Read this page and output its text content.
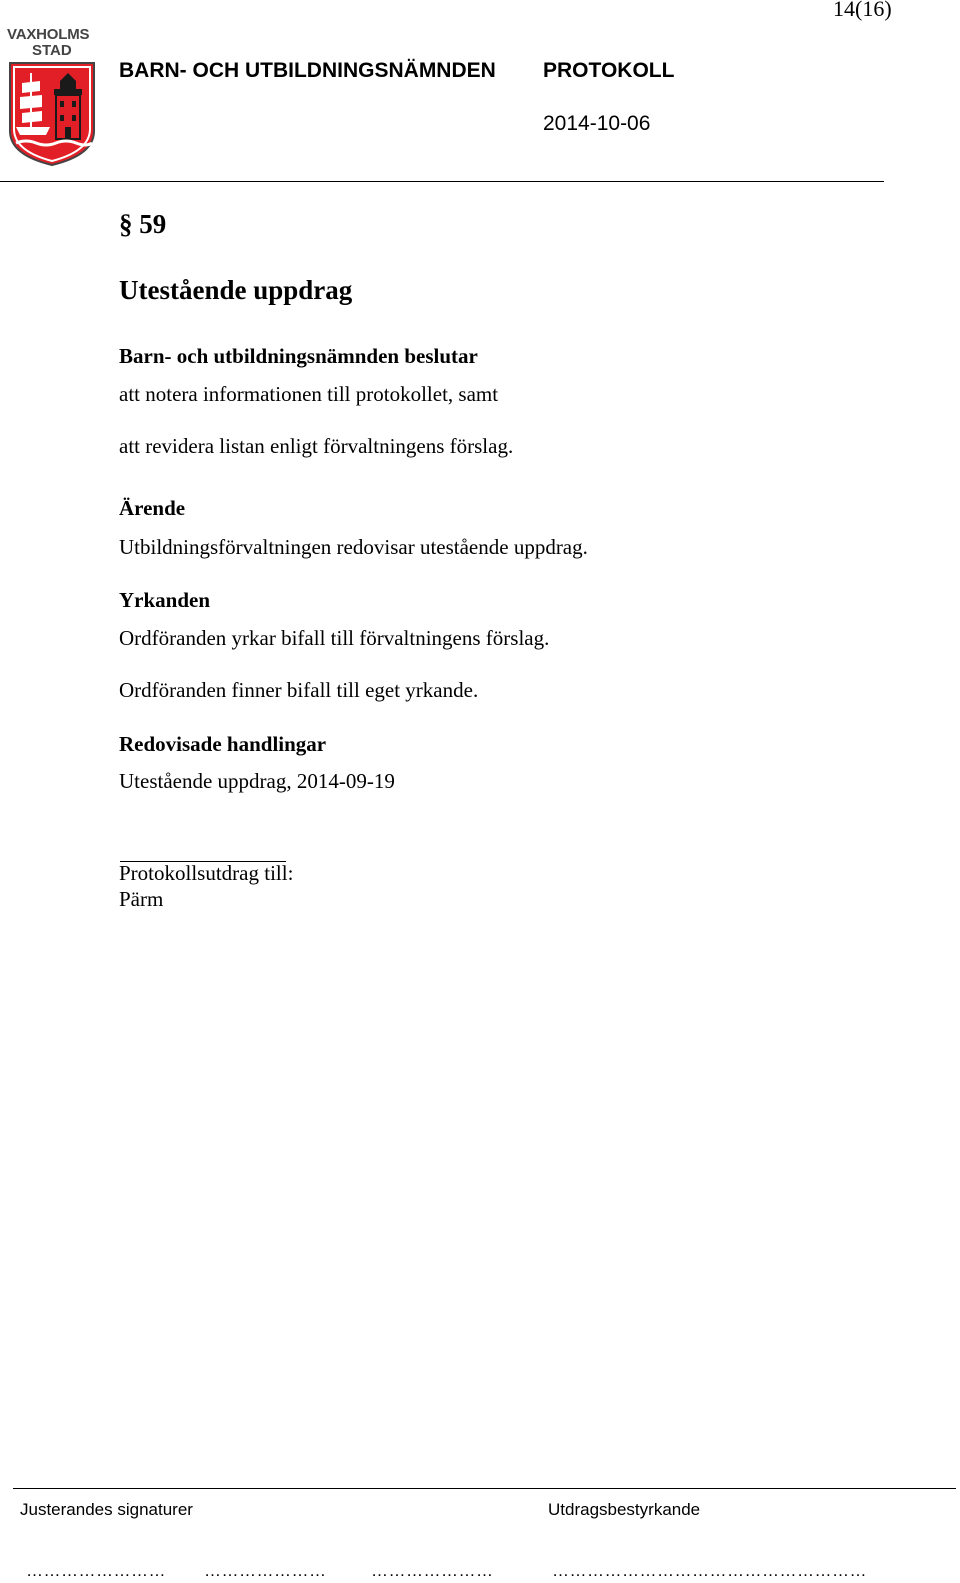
14(16)
VAXHOLMS
STAD
BARN- OCH UTBILDNINGSNÄMNDEN PROTOKOLL
2014-10-06
§ 59
Utestående uppdrag
Barn- och utbildningsnämnden beslutar
att notera informationen till protokollet, samt
att revidera listan enligt förvaltningens förslag.
Ärende
Utbildningsförvaltningen redovisar utestående uppdrag.
Yrkanden
Ordföranden yrkar bifall till förvaltningens förslag.
Ordföranden finner bifall till eget yrkande.
Redovisade handlingar
Utestående uppdrag, 2014-09-19
Protokollsutdrag till:
Pärm
Justerandes signaturer	Utdragsbestyrkande
…………………… …………………	…………………	………………………………………………
